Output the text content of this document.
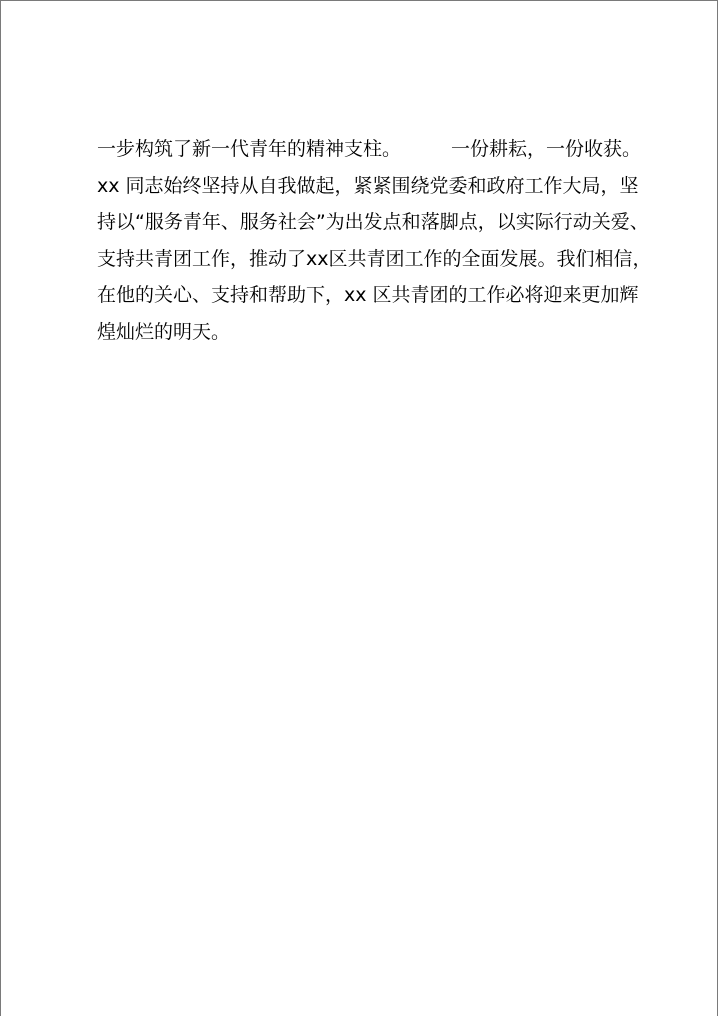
一步构筑了新一代青年的精神支柱。	一份耕耘，一份收获。
xx 同志始终坚持从自我做起，紧紧围绕党委和政府工作大局，坚
持以“服务青年、服务社会”为出发点和落脚点，以实际行动关爱、
支持共青团工作，推动了xx区共青团工作的全面发展。我们相信，
在他的关心、支持和帮助下，xx 区共青团的工作必将迎来更加辉
煌灿烂的明天。
